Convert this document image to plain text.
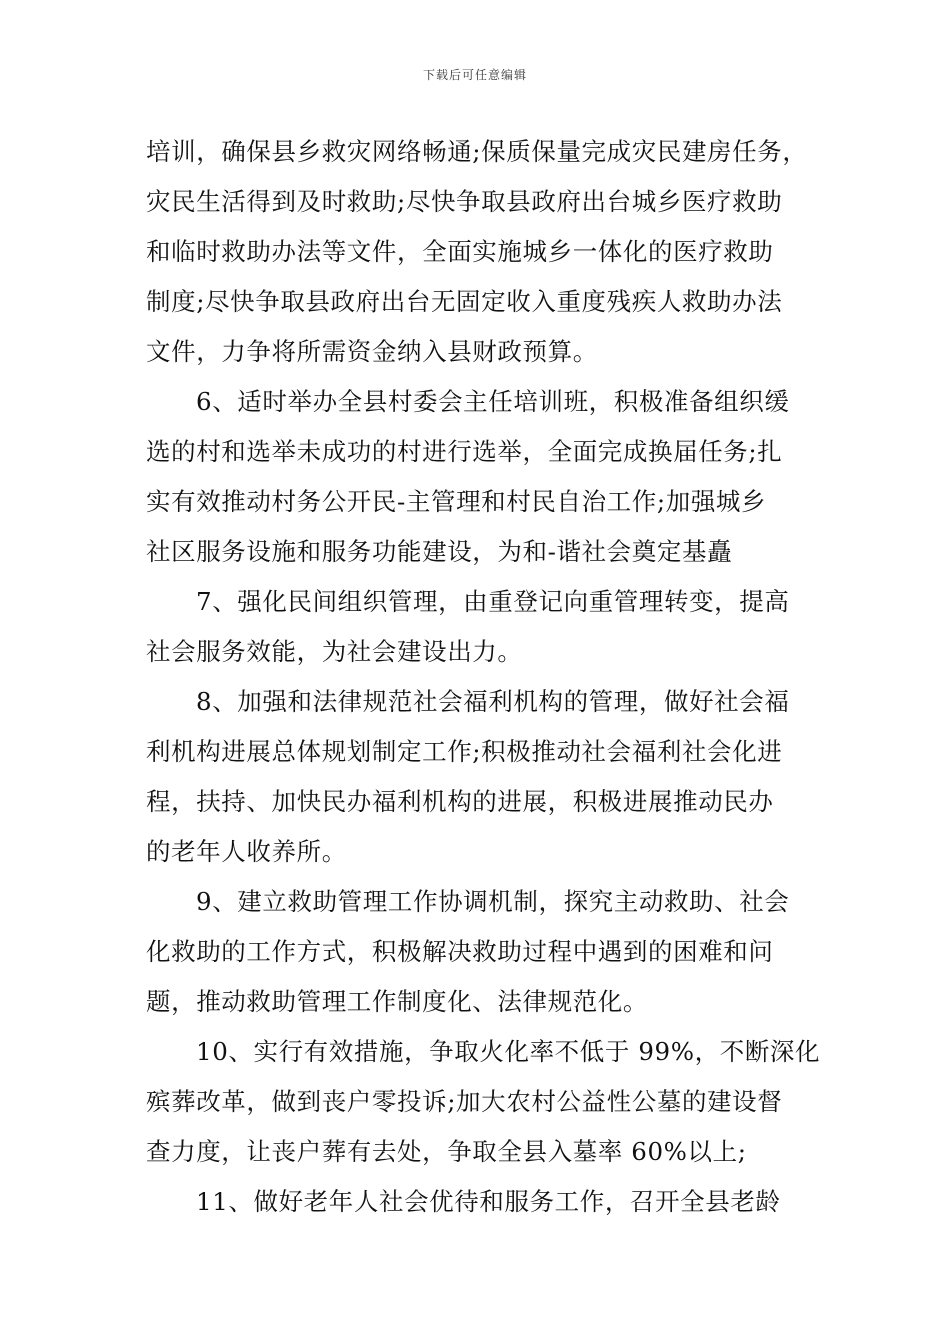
下载后可任意编辑
培训，确保县乡救灾网络畅通;保质保量完成灾民建房任务，
灾民生活得到及时救助;尽快争取县政府出台城乡医疗救助
和临时救助办法等文件，全面实施城乡一体化的医疗救助
制度;尽快争取县政府出台无固定收入重度残疾人救助办法
文件，力争将所需资金纳入县财政预算。
6、适时举办全县村委会主任培训班，积极准备组织缓
选的村和选举未成功的村进行选举，全面完成换届任务;扎
实有效推动村务公开民-主管理和村民自治工作;加强城乡
社区服务设施和服务功能建设，为和-谐社会奠定基矗
7、强化民间组织管理，由重登记向重管理转变，提高
社会服务效能，为社会建设出力。
8、加强和法律规范社会福利机构的管理，做好社会福
利机构进展总体规划制定工作;积极推动社会福利社会化进
程，扶持、加快民办福利机构的进展，积极进展推动民办
的老年人收养所。
9、建立救助管理工作协调机制，探究主动救助、社会
化救助的工作方式，积极解决救助过程中遇到的困难和问
题，推动救助管理工作制度化、法律规范化。
10、实行有效措施，争取火化率不低于 99%，不断深化
殡葬改革，做到丧户零投诉;加大农村公益性公墓的建设督
查力度，让丧户葬有去处，争取全县入墓率 60%以上;
11、做好老年人社会优待和服务工作，召开全县老龄
